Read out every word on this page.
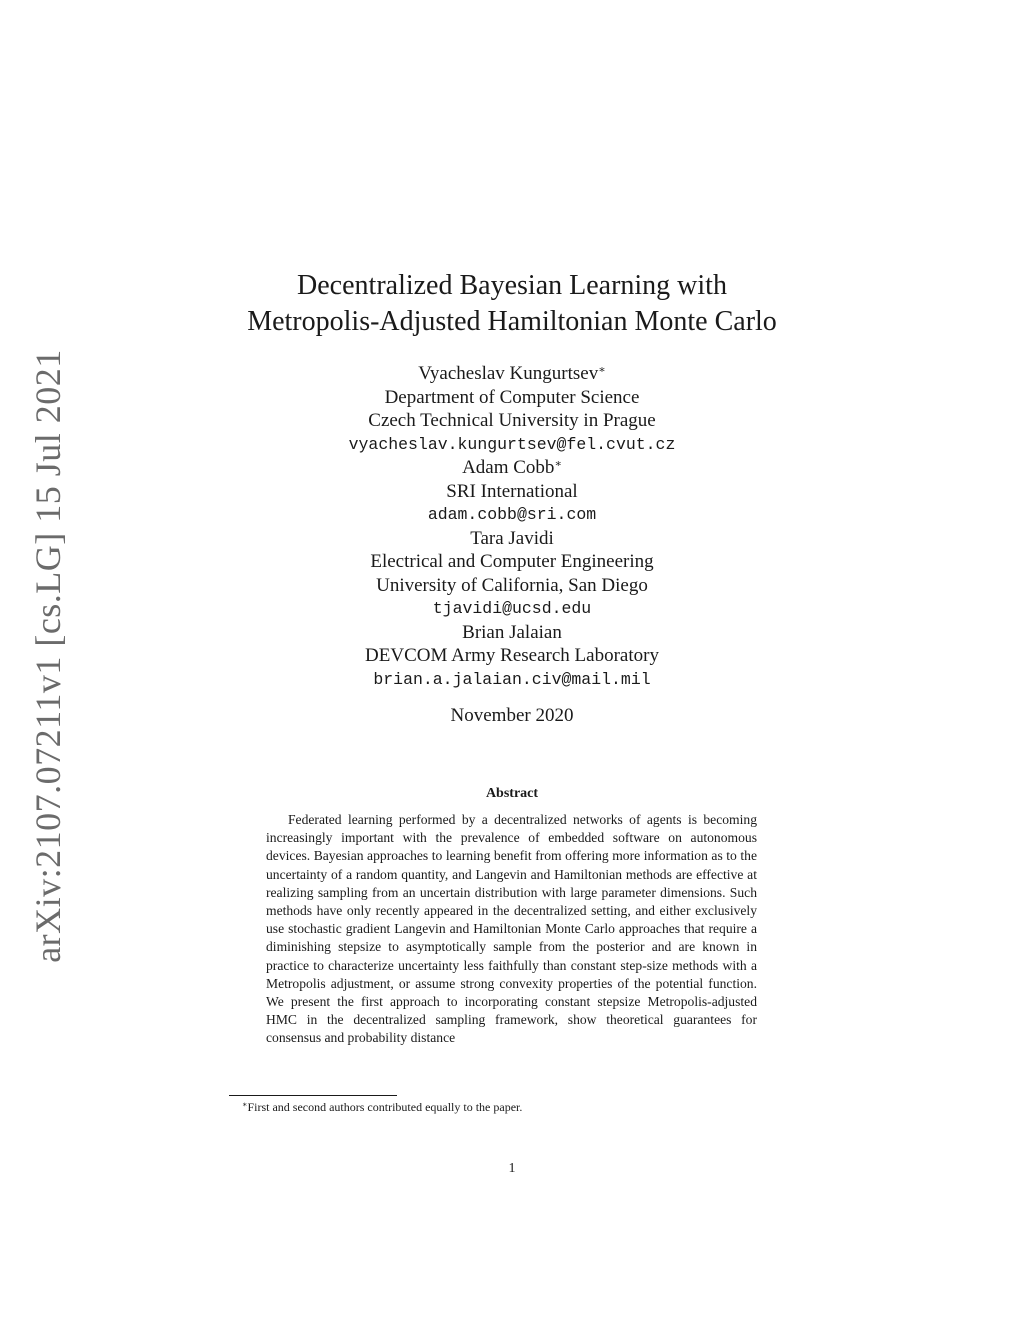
arXiv:2107.07211v1 [cs.LG] 15 Jul 2021
Decentralized Bayesian Learning with
Metropolis-Adjusted Hamiltonian Monte Carlo
Vyacheslav Kungurtsev∗
Department of Computer Science
Czech Technical University in Prague
vyacheslav.kungurtsev@fel.cvut.cz
Adam Cobb∗
SRI International
adam.cobb@sri.com
Tara Javidi
Electrical and Computer Engineering
University of California, San Diego
tjavidi@ucsd.edu
Brian Jalaian
DEVCOM Army Research Laboratory
brian.a.jalaian.civ@mail.mil
November 2020
Abstract

Federated learning performed by a decentralized networks of agents is becoming increasingly important with the prevalence of embedded software on autonomous devices. Bayesian approaches to learning benefit from offering more information as to the uncertainty of a random quantity, and Langevin and Hamiltonian methods are effective at realizing sampling from an uncertain distribution with large parameter dimensions. Such methods have only recently appeared in the decentralized setting, and either exclusively use stochastic gradient Langevin and Hamiltonian Monte Carlo approaches that require a diminishing stepsize to asymptotically sample from the posterior and are known in practice to characterize uncertainty less faithfully than constant step-size methods with a Metropolis adjustment, or assume strong convexity properties of the potential function. We present the first approach to incorporating constant stepsize Metropolis-adjusted HMC in the decentralized sampling framework, show theoretical guarantees for consensus and probability distance

∗First and second authors contributed equally to the paper.
1
